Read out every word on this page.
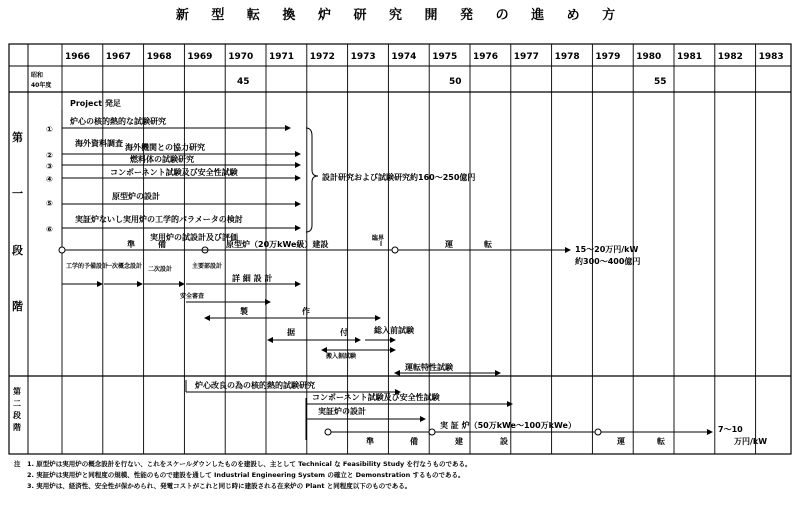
新 型 転 換 炉 研 究 開 発 の 進 め 方
1966 1967 1968 1969 1970 1971 1972 1973 1974 1975 1976 1977 1978 1979 1980 1981 1982 1983
昭和
40年度	45	50	55
第
一
段
階
第
二
段
階
①
②
③
④
⑤
⑥
Project 発足
炉心の核的熱的な試験研究
海外資料調査 海外機関との協力研究
燃料体の試験研究
コンポーネント試験及び安全性試験
原型炉の設計
実証炉ないし実用炉の工学的パラメータの検討
設計研究および試験研究約160～250億円
実用炉の試設計及び評価
準	備	原型炉（20万kWe級）建設
臨界
運	転
15～20万円/kW
約300～400億円
工学的予備設計
一次概念設計 二次設計	主要部設計
詳 細 設 計
安全審査
製	作
据	付	総入前試験
搬入据試験
運転特性試験
炉心改良の為の核的熱的試験研究
コンポーネント試験及び安全性試験
実証炉の設計
実 証 炉（50万kWe～100万kWe）
準	備	建	設	運	転
7～10
万円/kW
注　1. 原型炉は実用炉の概念設計を行ない、これをスケールダウンしたものを建設し、主として Technical な Feasibility Study を行なうものである。
　　2. 実証炉は実用炉と同程度の規模、性能のもので建設を通して Industrial Engineering System の確立と Demonstration するものである。
　　3. 実用炉は、経済性、安全性が保かめられ、発電コストがこれと同じ時に建設される在来炉の Plant と同程度以下のものである。
